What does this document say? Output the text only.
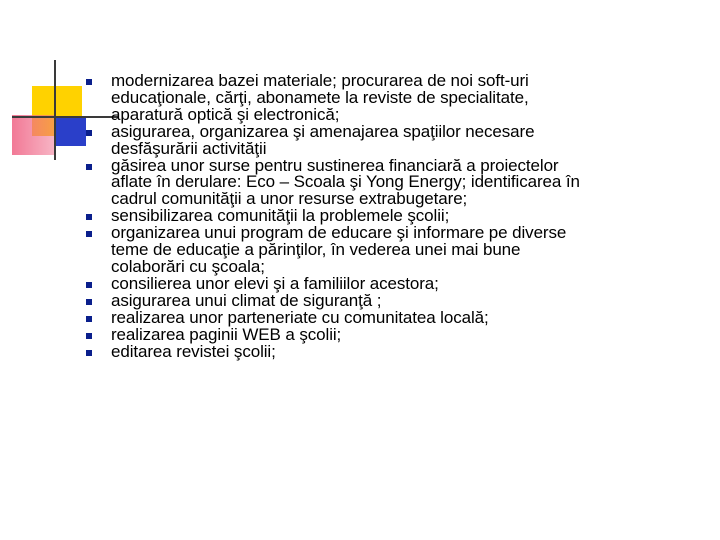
modernizarea bazei materiale; procurarea de noi soft-uri
educaţionale, cărţi, abonamete la reviste de specialitate,
aparatură optică şi electronică;
asigurarea, organizarea şi amenajarea spaţiilor necesare
desfăşurării activităţii
găsirea unor surse pentru sustinerea financiară a proiectelor
aflate în derulare: Eco – Scoala şi Yong Energy; identificarea în
cadrul comunităţii a unor resurse extrabugetare;
sensibilizarea comunităţii la problemele şcolii;
organizarea unui program de educare şi informare pe diverse
teme de educaţie a părinţilor, în vederea unei mai bune
colaborări cu şcoala;
consilierea unor elevi şi a familiilor acestora;
asigurarea unui climat de siguranţă ;
realizarea unor parteneriate cu comunitatea locală;
realizarea paginii WEB a şcolii;
editarea revistei şcolii;
